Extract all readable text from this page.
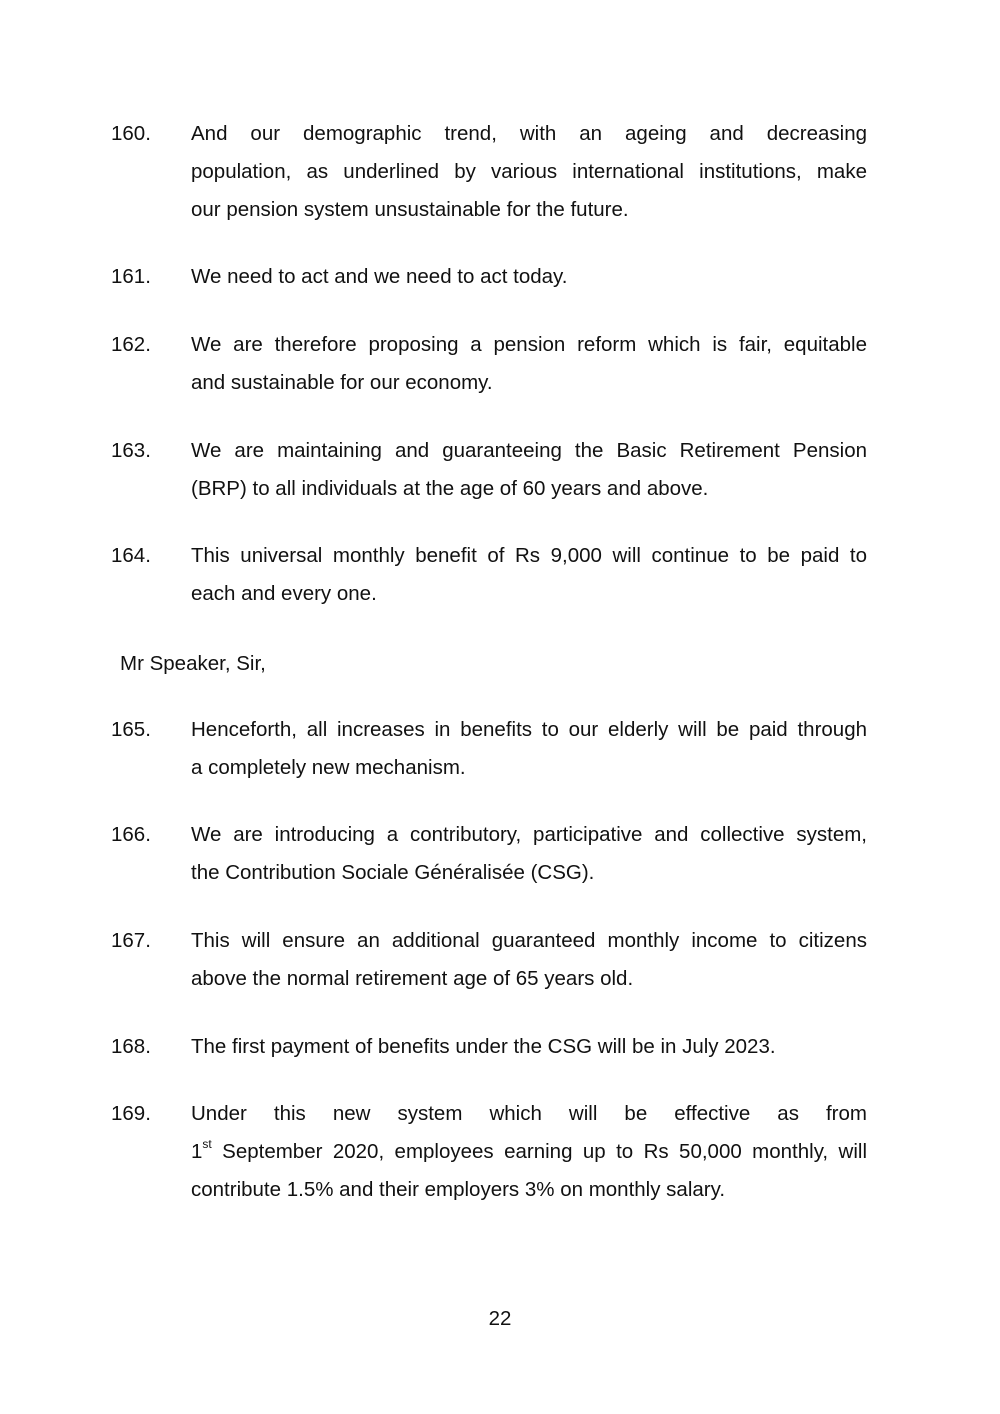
160.	And our demographic trend, with an ageing and decreasing
population, as underlined by various international institutions, make
our pension system unsustainable for the future.
161.	We need to act and we need to act today.
162.	We are therefore proposing a pension reform which is fair, equitable
and sustainable for our economy.
163.	We are maintaining and guaranteeing the Basic Retirement Pension
(BRP) to all individuals at the age of 60 years and above.
164.	This universal monthly benefit of Rs 9,000 will continue to be paid to
each and every one.
Mr Speaker, Sir,
165.	Henceforth, all increases in benefits to our elderly will be paid through
a completely new mechanism.
166.	We are introducing a contributory, participative and collective system,
the Contribution Sociale Généralisée (CSG).
167.	This will ensure an additional guaranteed monthly income to citizens
above the normal retirement age of 65 years old.
168.	The first payment of benefits under the CSG will be in July 2023.
169.	Under this new system which will be effective as from
1st September 2020, employees earning up to Rs 50,000 monthly, will
contribute 1.5% and their employers 3% on monthly salary.
22
